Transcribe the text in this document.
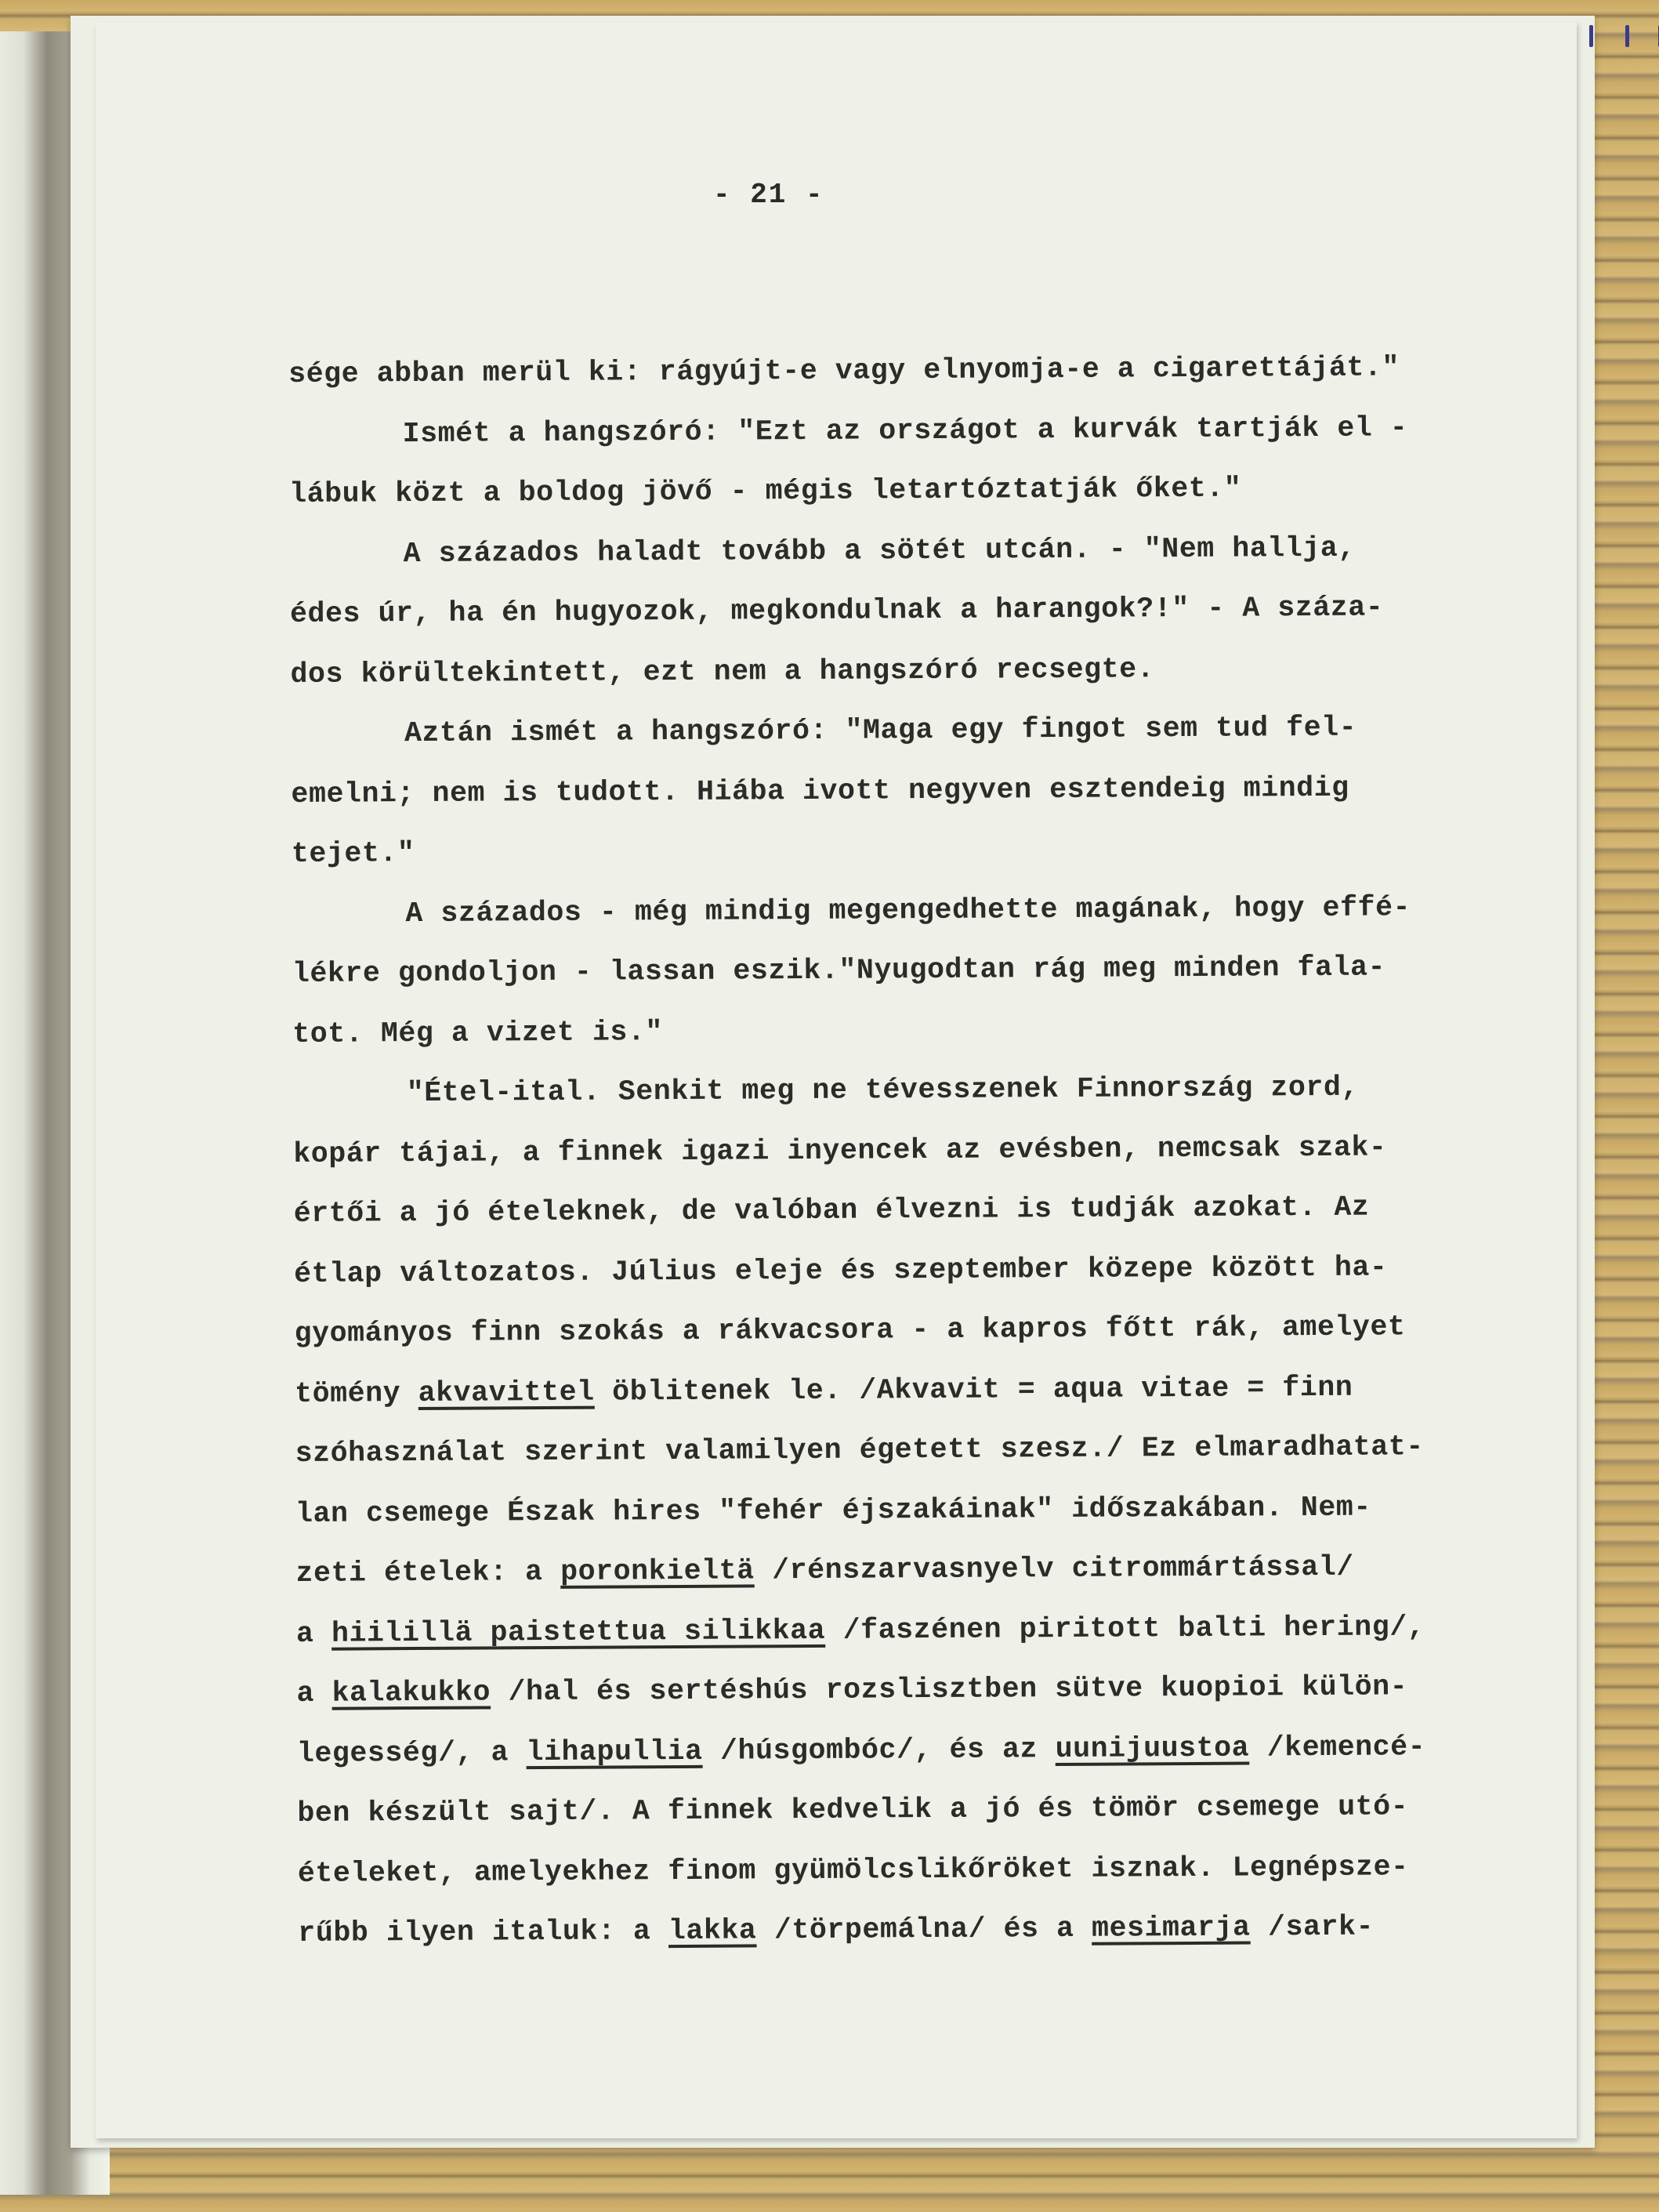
- 21 -
sége abban merül ki: rágyújt-e vagy elnyomja-e a cigarettáját."
Ismét a hangszóró: "Ezt az országot a kurvák tartják el -
lábuk közt a boldog jövő - mégis letartóztatják őket."
A százados haladt tovább a sötét utcán. - "Nem hallja,
édes úr, ha én hugyozok, megkondulnak a harangok?!" - A száza-
dos körültekintett, ezt nem a hangszóró recsegte.
Aztán ismét a hangszóró: "Maga egy fingot sem tud fel-
emelni; nem is tudott. Hiába ivott negyven esztendeig mindig
tejet."
A százados - még mindig megengedhette magának, hogy effé-
lékre gondoljon - lassan eszik."Nyugodtan rág meg minden fala-
tot. Még a vizet is."
"Étel-ital. Senkit meg ne tévesszenek Finnország zord,
kopár tájai, a finnek igazi inyencek az evésben, nemcsak szak-
értői a jó ételeknek, de valóban élvezni is tudják azokat. Az
étlap változatos. Július eleje és szeptember közepe között ha-
gyományos finn szokás a rákvacsora - a kapros főtt rák, amelyet
tömény akvavittel öblitenek le. /Akvavit = aqua vitae = finn
szóhasználat szerint valamilyen égetett szesz./ Ez elmaradhatat-
lan csemege Észak hires "fehér éjszakáinak" időszakában. Nem-
zeti ételek: a poronkieltä /rénszarvasnyelv citrommártással/
a hiilillä paistettua silikkaa /faszénen piritott balti hering/,
a kalakukko /hal és sertéshús rozslisztben sütve kuopioi külön-
legesség/, a lihapullia /húsgombóc/, és az uunijuustoa /kemencé-
ben készült sajt/. A finnek kedvelik a jó és tömör csemege utó-
ételeket, amelyekhez finom gyümölcslikőröket isznak. Legnépsze-
rűbb ilyen italuk: a lakka /törpemálna/ és a mesimarja /sark-
